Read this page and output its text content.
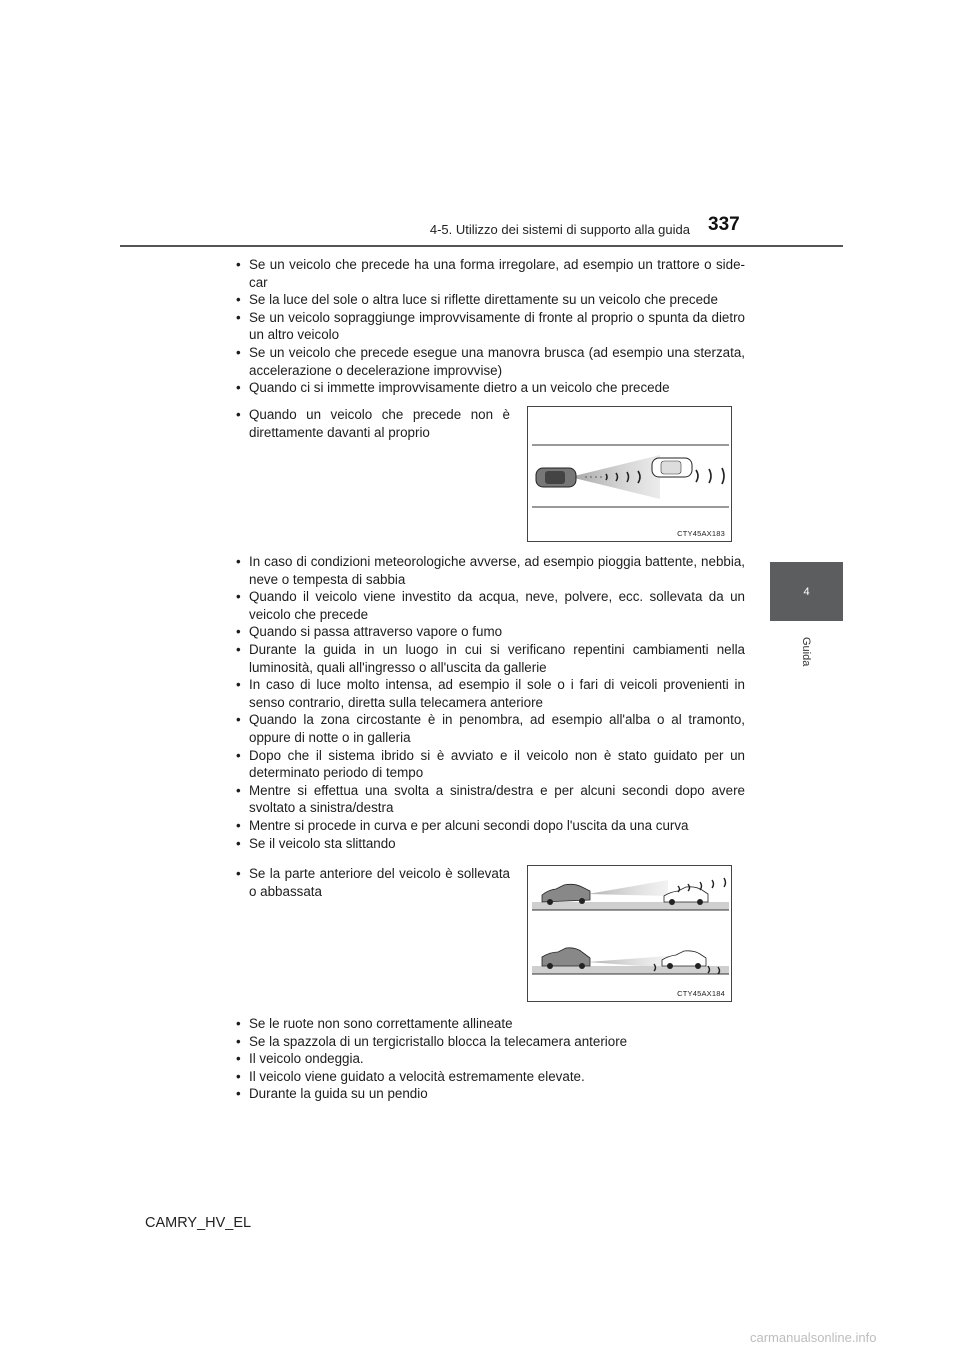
4-5. Utilizzo dei sistemi di supporto alla guida 337
4
Guida
• Se un veicolo che precede ha una forma irregolare, ad esempio un trattore o side-car
• Se la luce del sole o altra luce si riflette direttamente su un veicolo che precede
• Se un veicolo sopraggiunge improvvisamente di fronte al proprio o spunta da dietro un altro veicolo
• Se un veicolo che precede esegue una manovra brusca (ad esempio una sterzata, accelerazione o decelerazione improvvise)
• Quando ci si immette improvvisamente dietro a un veicolo che precede
• Quando un veicolo che precede non è direttamente davanti al proprio
CTY45AX183
• In caso di condizioni meteorologiche avverse, ad esempio pioggia battente, nebbia, neve o tempesta di sabbia
• Quando il veicolo viene investito da acqua, neve, polvere, ecc. sollevata da un veicolo che precede
• Quando si passa attraverso vapore o fumo
• Durante la guida in un luogo in cui si verificano repentini cambiamenti nella luminosità, quali all'ingresso o all'uscita da gallerie
• In caso di luce molto intensa, ad esempio il sole o i fari di veicoli provenienti in senso contrario, diretta sulla telecamera anteriore
• Quando la zona circostante è in penombra, ad esempio all'alba o al tramonto, oppure di notte o in galleria
• Dopo che il sistema ibrido si è avviato e il veicolo non è stato guidato per un determinato periodo di tempo
• Mentre si effettua una svolta a sinistra/destra e per alcuni secondi dopo avere svoltato a sinistra/destra
• Mentre si procede in curva e per alcuni secondi dopo l'uscita da una curva
• Se il veicolo sta slittando
• Se la parte anteriore del veicolo è sollevata o abbassata
CTY45AX184
• Se le ruote non sono correttamente allineate
• Se la spazzola di un tergicristallo blocca la telecamera anteriore
• Il veicolo ondeggia.
• Il veicolo viene guidato a velocità estremamente elevate.
• Durante la guida su un pendio
CAMRY_HV_EL
carmanualsonline.info
